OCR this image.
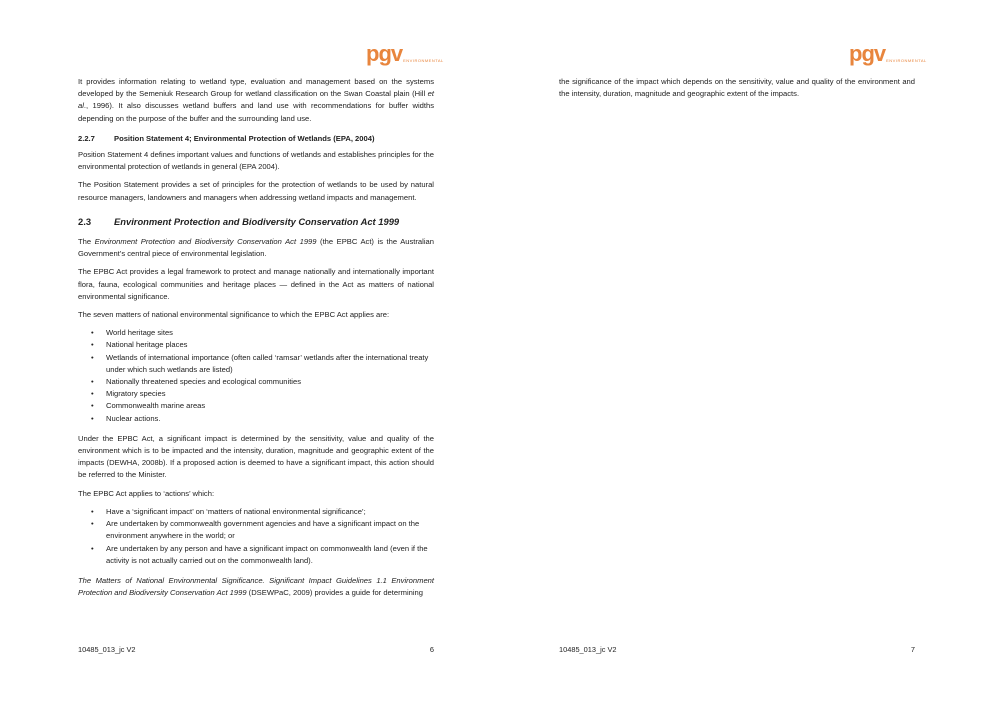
pgv ENVIRONMENTAL

It provides information relating to wetland type, evaluation and management based on the systems developed by the Semeniuk Research Group for wetland classification on the Swan Coastal plain (Hill et al., 1996). It also discusses wetland buffers and land use with recommendations for buffer widths depending on the purpose of the buffer and the surrounding land use.

2.2.7	Position Statement 4; Environmental Protection of Wetlands (EPA, 2004)

Position Statement 4 defines important values and functions of wetlands and establishes principles for the environmental protection of wetlands in general (EPA 2004).

The Position Statement provides a set of principles for the protection of wetlands to be used by natural resource managers, landowners and managers when addressing wetland impacts and management.

2.3	Environment Protection and Biodiversity Conservation Act 1999

The Environment Protection and Biodiversity Conservation Act 1999 (the EPBC Act) is the Australian Government’s central piece of environmental legislation.

The EPBC Act provides a legal framework to protect and manage nationally and internationally important flora, fauna, ecological communities and heritage places — defined in the Act as matters of national environmental significance.

The seven matters of national environmental significance to which the EPBC Act applies are:

• World heritage sites
• National heritage places
• Wetlands of international importance (often called ‘ramsar’ wetlands after the international treaty under which such wetlands are listed)
• Nationally threatened species and ecological communities
• Migratory species
• Commonwealth marine areas
• Nuclear actions.

Under the EPBC Act, a significant impact is determined by the sensitivity, value and quality of the environment which is to be impacted and the intensity, duration, magnitude and geographic extent of the impacts (DEWHA, 2008b). If a proposed action is deemed to have a significant impact, this action should be referred to the Minister.

The EPBC Act applies to ‘actions’ which:

• Have a ‘significant impact’ on ‘matters of national environmental significance’;
• Are undertaken by commonwealth government agencies and have a significant impact on the environment anywhere in the world; or
• Are undertaken by any person and have a significant impact on commonwealth land (even if the activity is not actually carried out on the commonwealth land).

The Matters of National Environmental Significance. Significant Impact Guidelines 1.1 Environment Protection and Biodiversity Conservation Act 1999 (DSEWPaC, 2009) provides a guide for determining

10485_013_jc V2	6
pgv ENVIRONMENTAL

the significance of the impact which depends on the sensitivity, value and quality of the environment and the intensity, duration, magnitude and geographic extent of the impacts.

10485_013_jc V2	7
